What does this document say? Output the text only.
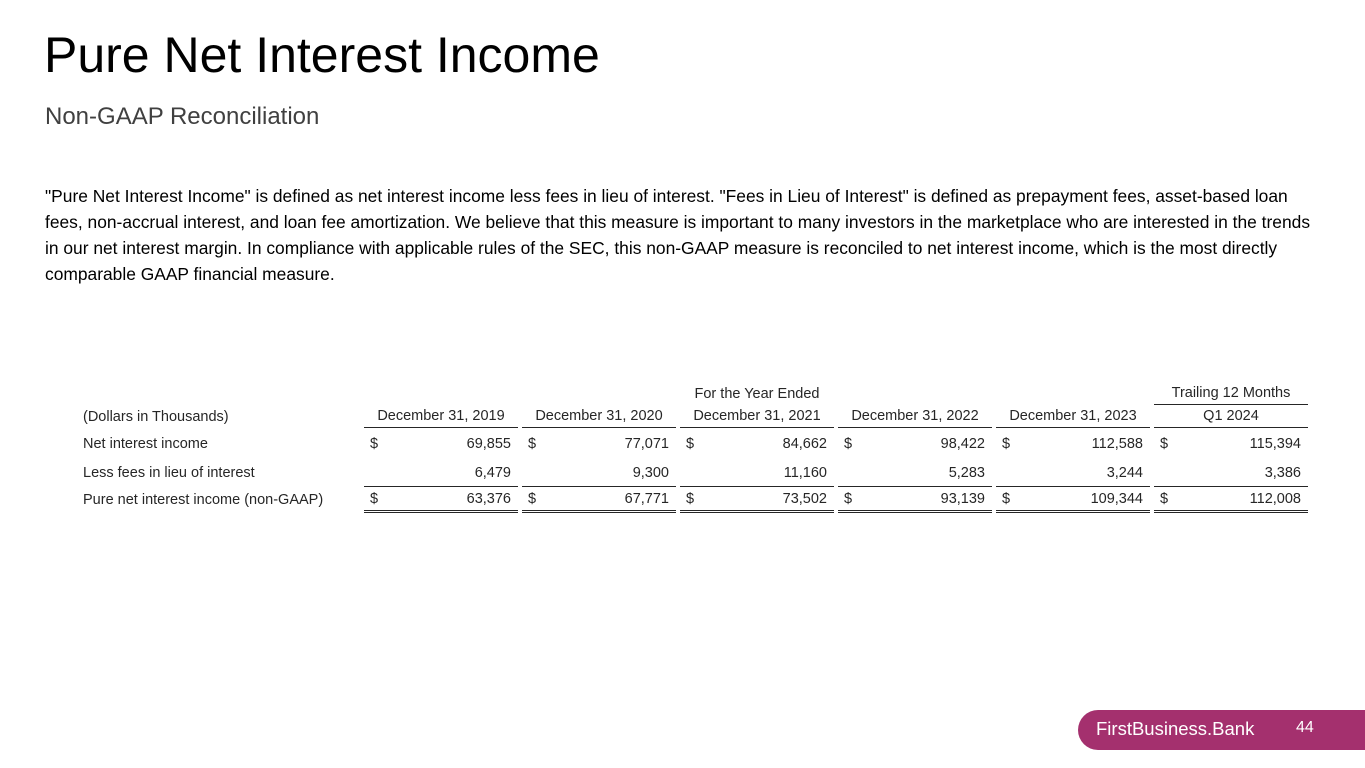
Pure Net Interest Income
Non-GAAP Reconciliation

"Pure Net Interest Income" is defined as net interest income less fees in lieu of interest. "Fees in Lieu of Interest" is defined as prepayment fees, asset-based loan fees, non-accrual interest, and loan fee amortization. We believe that this measure is important to many investors in the marketplace who are interested in the trends in our net interest margin. In compliance with applicable rules of the SEC, this non-GAAP measure is reconciled to net interest income, which is the most directly comparable GAAP financial measure.

	For the Year Ended															Trailing 12 Months	
(Dollars in Thousands)	December 31, 2019			December 31, 2020			December 31, 2021			December 31, 2022			December 31, 2023			Q1 2024	
Net interest income	$	69,855		$	77,071		$	84,662		$	98,422		$	112,588		$	115,394
Less fees in lieu of interest		6,479			9,300			11,160			5,283			3,244			3,386
Pure net interest income (non-GAAP)	$	63,376		$	67,771		$	73,502		$	93,139		$	109,344		$	112,008
FirstBusiness.Bank	44
